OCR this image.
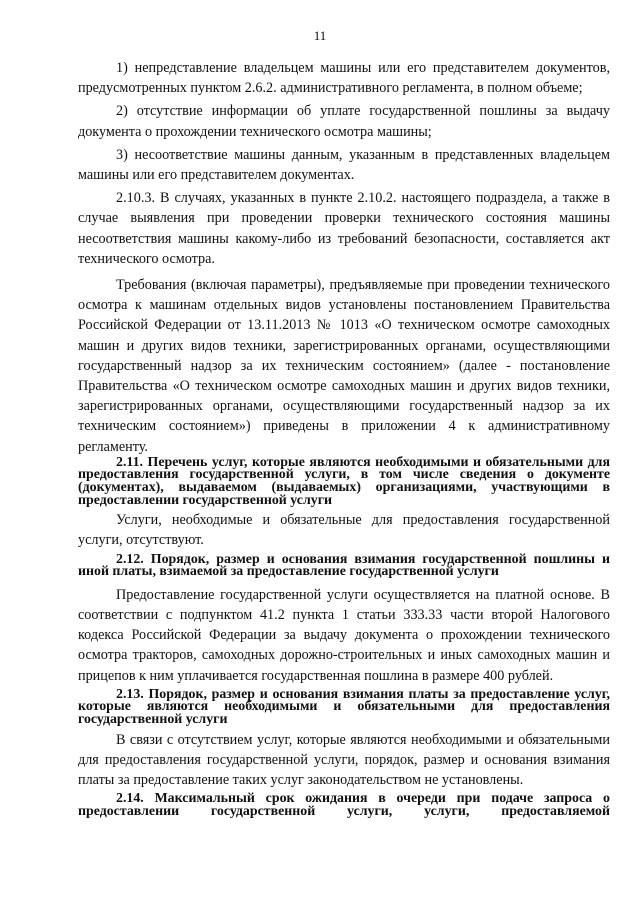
11

1) непредставление владельцем машины или его представителем документов, предусмотренных пунктом 2.6.2. административного регламента, в полном объеме;

2) отсутствие информации об уплате государственной пошлины за выдачу документа о прохождении технического осмотра машины;

3) несоответствие машины данным, указанным в представленных владельцем машины или его представителем документах.

2.10.3. В случаях, указанных в пункте 2.10.2. настоящего подраздела, а также в случае выявления при проведении проверки технического состояния машины несоответствия машины какому-либо из требований безопасности, составляется акт технического осмотра.

Требования (включая параметры), предъявляемые при проведении технического осмотра к машинам отдельных видов установлены постановлением Правительства Российской Федерации от 13.11.2013 № 1013 «О техническом осмотре самоходных машин и других видов техники, зарегистрированных органами, осуществляющими государственный надзор за их техническим состоянием» (далее - постановление Правительства «О техническом осмотре самоходных машин и других видов техники, зарегистрированных органами, осуществляющими государственный надзор за их техническим состоянием») приведены в приложении 4 к административному регламенту.

2.11. Перечень услуг, которые являются необходимыми и обязательными для предоставления государственной услуги, в том числе сведения о документе (документах), выдаваемом (выдаваемых) организациями, участвующими в предоставлении государственной услуги

Услуги, необходимые и обязательные для предоставления государственной услуги, отсутствуют.

2.12. Порядок, размер и основания взимания государственной пошлины и иной платы, взимаемой за предоставление государственной услуги

Предоставление государственной услуги осуществляется на платной основе. В соответствии с подпунктом 41.2 пункта 1 статьи 333.33 части второй Налогового кодекса Российской Федерации за выдачу документа о прохождении технического осмотра тракторов, самоходных дорожно-строительных и иных самоходных машин и прицепов к ним уплачивается государственная пошлина в размере 400 рублей.

2.13. Порядок, размер и основания взимания платы за предоставление услуг, которые являются необходимыми и обязательными для предоставления государственной услуги

В связи с отсутствием услуг, которые являются необходимыми и обязательными для предоставления государственной услуги, порядок, размер и основания взимания платы за предоставление таких услуг законодательством не установлены.

2.14. Максимальный срок ожидания в очереди при подаче запроса о предоставлении государственной услуги, услуги, предоставляемой
